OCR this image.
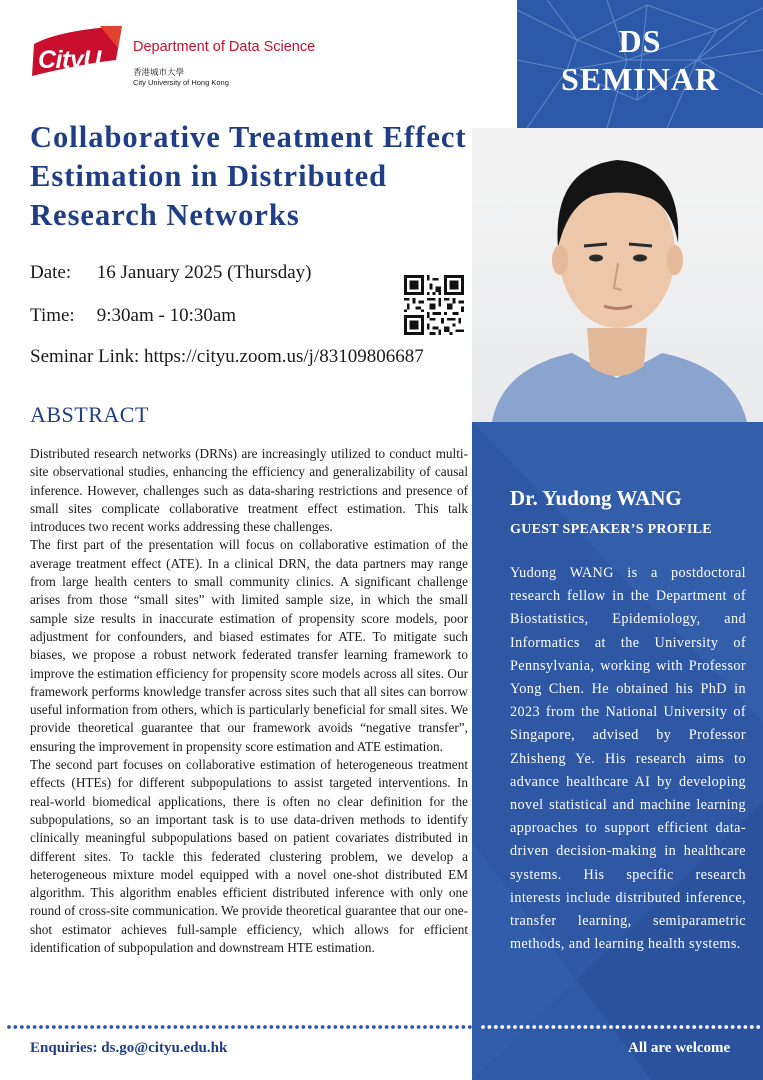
CityU Department of Data Science
香港城市大學
City University of Hong Kong
Collaborative Treatment Effect Estimation in Distributed Research Networks
Date: 16 January 2025 (Thursday)
Time: 9:30am - 10:30am
Seminar Link: https://cityu.zoom.us/j/83109806687
ABSTRACT

Distributed research networks (DRNs) are increasingly utilized to conduct multi-site observational studies, enhancing the efficiency and generalizability of causal inference. However, challenges such as data-sharing restrictions and presence of small sites complicate collaborative treatment effect estimation. This talk introduces two recent works addressing these challenges.

The first part of the presentation will focus on collaborative estimation of the average treatment effect (ATE). In a clinical DRN, the data partners may range from large health centers to small community clinics. A significant challenge arises from those “small sites” with limited sample size, in which the small sample size results in inaccurate estimation of propensity score models, poor adjustment for confounders, and biased estimates for ATE. To mitigate such biases, we propose a robust network federated transfer learning framework to improve the estimation efficiency for propensity score models across all sites. Our framework performs knowledge transfer across sites such that all sites can borrow useful information from others, which is particularly beneficial for small sites. We provide theoretical guarantee that our framework avoids “negative transfer”, ensuring the improvement in propensity score estimation and ATE estimation.

The second part focuses on collaborative estimation of heterogeneous treatment effects (HTEs) for different subpopulations to assist targeted interventions. In real-world biomedical applications, there is often no clear definition for the subpopulations, so an important task is to use data-driven methods to identify clinically meaningful subpopulations based on patient covariates distributed in different sites. To tackle this federated clustering problem, we develop a heterogeneous mixture model equipped with a novel one-shot distributed EM algorithm. This algorithm enables efficient distributed inference with only one round of cross-site communication. We provide theoretical guarantee that our one-shot estimator achieves full-sample efficiency, which allows for efficient identification of subpopulation and downstream HTE estimation.

Enquiries: ds.go@cityu.edu.hk
DS
SEMINAR
Dr. Yudong WANG
GUEST SPEAKER’S PROFILE
Yudong WANG is a postdoctoral research fellow in the Department of Biostatistics, Epidemiology, and Informatics at the University of Pennsylvania, working with Professor Yong Chen. He obtained his PhD in 2023 from the National University of Singapore, advised by Professor Zhisheng Ye. His research aims to advance healthcare AI by developing novel statistical and machine learning approaches to support efficient data-driven decision-making in healthcare systems. His specific research interests include distributed inference, transfer learning, semiparametric methods, and learning health systems.
All are welcome
